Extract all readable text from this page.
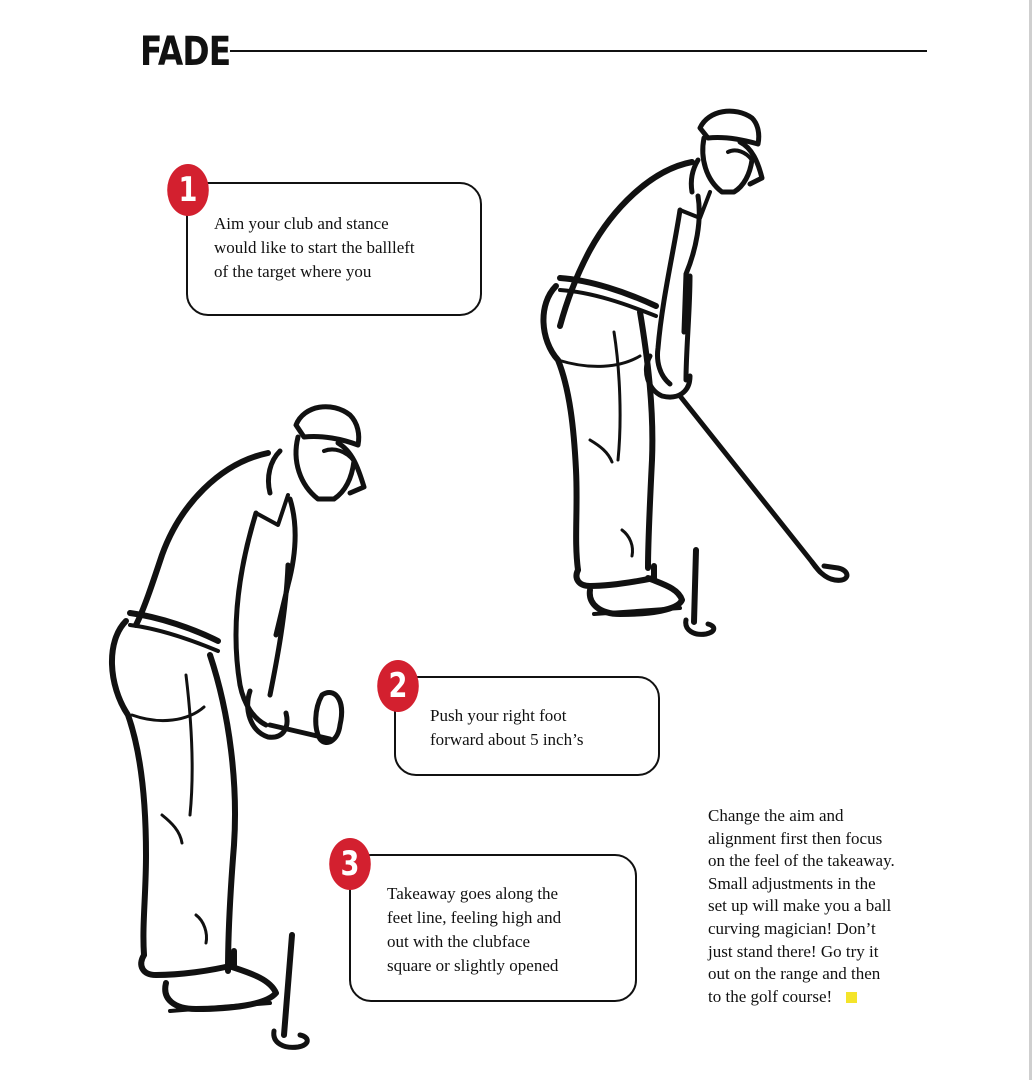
FADE
Aim your club and stance
would like to start the ballleft
of the target where you
1
Push your right foot
forward about 5 inch’s
2
Takeaway goes along the
feet line, feeling high and
out with the clubface
square or slightly opened
3
Change the aim and
alignment first then focus
on the feel of the takeaway.
Small adjustments in the
set up will make you a ball
curving magician! Don’t
just stand there! Go try it
out on the range and then
to the golf course!
